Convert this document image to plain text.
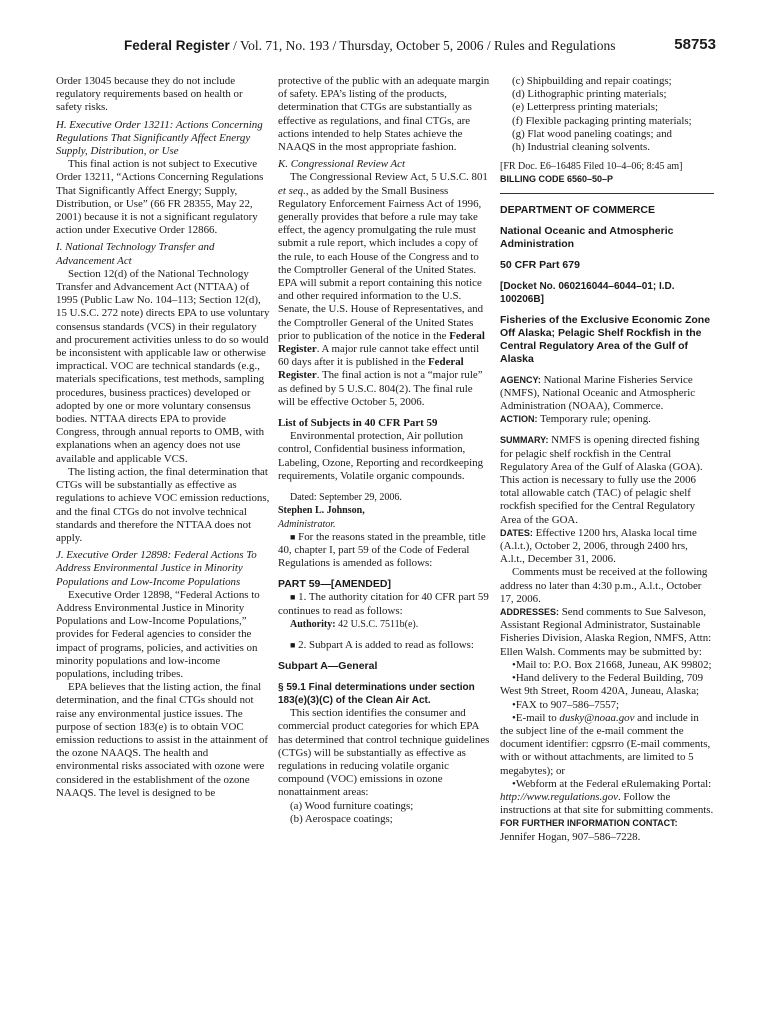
Federal Register / Vol. 71, No. 193 / Thursday, October 5, 2006 / Rules and Regulations	58753

Order 13045 because they do not include regulatory requirements based on health or safety risks.

H. Executive Order 13211: Actions Concerning Regulations That Significantly Affect Energy Supply, Distribution, or Use

This final action is not subject to Executive Order 13211, “Actions Concerning Regulations That Significantly Affect Energy; Supply, Distribution, or Use” (66 FR 28355, May 22, 2001) because it is not a significant regulatory action under Executive Order 12866.

I. National Technology Transfer and Advancement Act

Section 12(d) of the National Technology Transfer and Advancement Act (NTTAA) of 1995 (Public Law No. 104–113; Section 12(d), 15 U.S.C. 272 note) directs EPA to use voluntary consensus standards (VCS) in their regulatory and procurement activities unless to do so would be inconsistent with applicable law or otherwise impractical. VOC are technical standards (e.g., materials specifications, test methods, sampling procedures, business practices) developed or adopted by one or more voluntary consensus bodies. NTTAA directs EPA to provide Congress, through annual reports to OMB, with explanations when an agency does not use available and applicable VCS.

The listing action, the final determination that CTGs will be substantially as effective as regulations to achieve VOC emission reductions, and the final CTGs do not involve technical standards and therefore the NTTAA does not apply.

J. Executive Order 12898: Federal Actions To Address Environmental Justice in Minority Populations and Low-Income Populations

Executive Order 12898, “Federal Actions to Address Environmental Justice in Minority Populations and Low-Income Populations,” provides for Federal agencies to consider the impact of programs, policies, and activities on minority populations and low-income populations, including tribes.

EPA believes that the listing action, the final determination, and the final CTGs should not raise any environmental justice issues. The purpose of section 183(e) is to obtain VOC emission reductions to assist in the attainment of the ozone NAAQS. The health and environmental risks associated with ozone were considered in the establishment of the ozone NAAQS. The level is designed to be

protective of the public with an adequate margin of safety. EPA’s listing of the products, determination that CTGs are substantially as effective as regulations, and final CTGs, are actions intended to help States achieve the NAAQS in the most appropriate fashion.

K. Congressional Review Act

The Congressional Review Act, 5 U.S.C. 801 et seq., as added by the Small Business Regulatory Enforcement Fairness Act of 1996, generally provides that before a rule may take effect, the agency promulgating the rule must submit a rule report, which includes a copy of the rule, to each House of the Congress and to the Comptroller General of the United States. EPA will submit a report containing this notice and other required information to the U.S. Senate, the U.S. House of Representatives, and the Comptroller General of the United States prior to publication of the notice in the Federal Register. A major rule cannot take effect until 60 days after it is published in the Federal Register. The final action is not a “major rule” as defined by 5 U.S.C. 804(2). The final rule will be effective October 5, 2006.

List of Subjects in 40 CFR Part 59

Environmental protection, Air pollution control, Confidential business information, Labeling, Ozone, Reporting and recordkeeping requirements, Volatile organic compounds.

Dated: September 29, 2006.

Stephen L. Johnson,

Administrator.

■ For the reasons stated in the preamble, title 40, chapter I, part 59 of the Code of Federal Regulations is amended as follows:

PART 59—[AMENDED]

■ 1. The authority citation for 40 CFR part 59 continues to read as follows:

Authority: 42 U.S.C. 7511b(e).

■ 2. Subpart A is added to read as follows:

Subpart A—General

§ 59.1 Final determinations under section 183(e)(3)(C) of the Clean Air Act.

This section identifies the consumer and commercial product categories for which EPA has determined that control technique guidelines (CTGs) will be substantially as effective as regulations in reducing volatile organic compound (VOC) emissions in ozone nonattainment areas:

(a) Wood furniture coatings;

(b) Aerospace coatings;

(c) Shipbuilding and repair coatings;

(d) Lithographic printing materials;

(e) Letterpress printing materials;

(f) Flexible packaging printing materials;

(g) Flat wood paneling coatings; and

(h) Industrial cleaning solvents.

[FR Doc. E6–16485 Filed 10–4–06; 8:45 am]

BILLING CODE 6560–50–P

DEPARTMENT OF COMMERCE

National Oceanic and Atmospheric Administration

50 CFR Part 679

[Docket No. 060216044–6044–01; I.D. 100206B]

Fisheries of the Exclusive Economic Zone Off Alaska; Pelagic Shelf Rockfish in the Central Regulatory Area of the Gulf of Alaska

AGENCY: National Marine Fisheries Service (NMFS), National Oceanic and Atmospheric Administration (NOAA), Commerce.

ACTION: Temporary rule; opening.

SUMMARY: NMFS is opening directed fishing for pelagic shelf rockfish in the Central Regulatory Area of the Gulf of Alaska (GOA). This action is necessary to fully use the 2006 total allowable catch (TAC) of pelagic shelf rockfish specified for the Central Regulatory Area of the GOA.

DATES: Effective 1200 hrs, Alaska local time (A.l.t.), October 2, 2006, through 2400 hrs, A.l.t., December 31, 2006.

Comments must be received at the following address no later than 4:30 p.m., A.l.t., October 17, 2006.

ADDRESSES: Send comments to Sue Salveson, Assistant Regional Administrator, Sustainable Fisheries Division, Alaska Region, NMFS, Attn: Ellen Walsh. Comments may be submitted by:

•Mail to: P.O. Box 21668, Juneau, AK 99802;

•Hand delivery to the Federal Building, 709 West 9th Street, Room 420A, Juneau, Alaska;

•FAX to 907–586–7557;

•E-mail to dusky@noaa.gov and include in the subject line of the e-mail comment the document identifier: cgpsrro (E-mail comments, with or without attachments, are limited to 5 megabytes); or

•Webform at the Federal eRulemaking Portal: http://www.regulations.gov. Follow the instructions at that site for submitting comments.

FOR FURTHER INFORMATION CONTACT:

Jennifer Hogan, 907–586–7228.
